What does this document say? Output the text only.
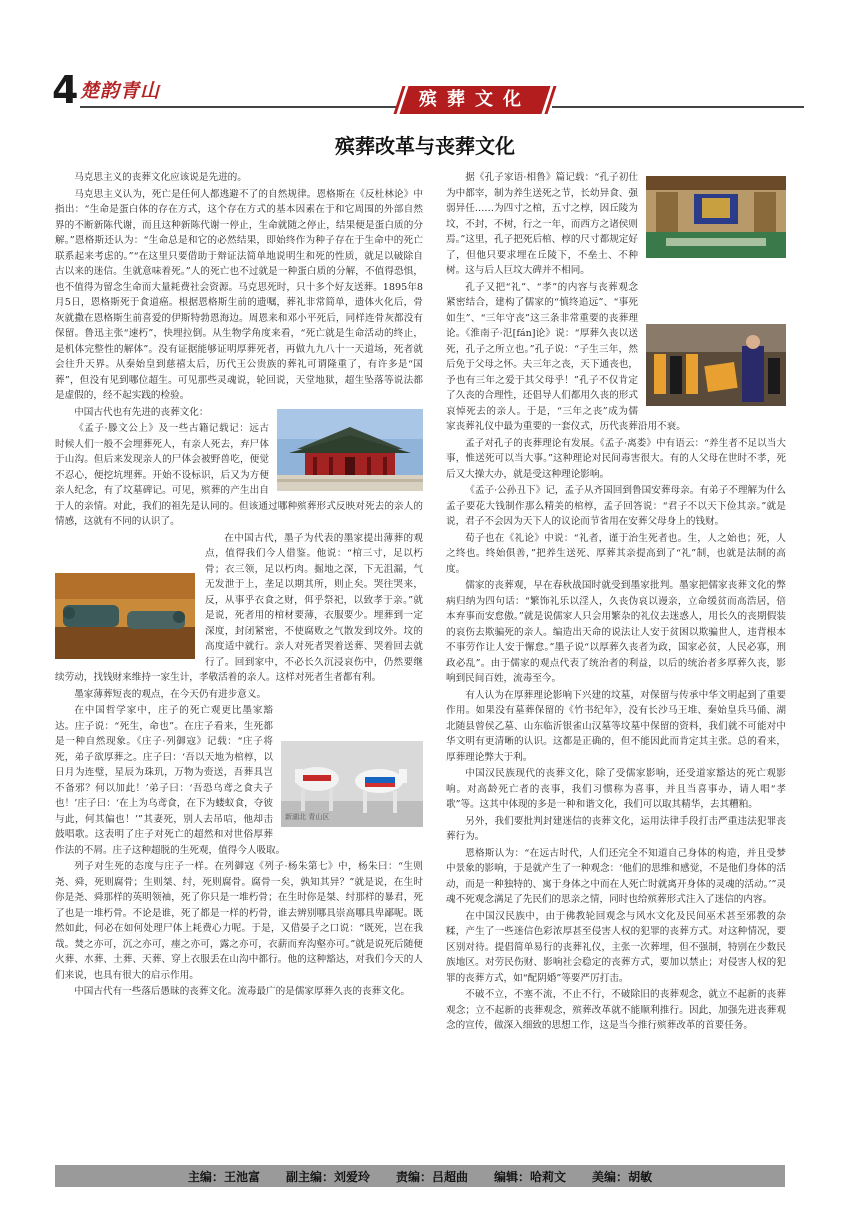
4 楚韵青山	殡葬文化
殡葬改革与丧葬文化

马克思主义的丧葬文化应该说是先进的。

马克思主义认为，死亡是任何人都逃避不了的自然规律。恩格斯在《反杜林论》中指出：“生命是蛋白体的存在方式，这个存在方式的基本因素在于和它周围的外部自然界的不断新陈代谢，而且这种新陈代谢一停止，生命就随之停止，结果便是蛋白质的分解。”恩格斯还认为：“生命总是和它的必然结果，即始终作为种子存在于生命中的死亡联系起来考虑的。”“在这里只要借助于辩证法简单地说明生和死的性质，就足以破除自古以来的迷信。生就意味着死。”人的死亡也不过就是一种蛋白质的分解，不值得恐惧，也不值得为留念生命而大量耗费社会资源。马克思死时，只十多个好友送葬。1895年8月5日，恩格斯死于食道癌。根据恩格斯生前的遗嘱，葬礼非常简单，遗体火化后，骨灰就撒在恩格斯生前喜爱的伊斯特勃恩海边。周恩来和邓小平死后，同样连骨灰都没有保留。鲁迅主张“速朽”，快埋拉倒。从生物学角度来看，“死亡就是生命活动的终止，是机体完整性的解体”。没有证据能够证明厚葬死者，再做九九八十一天道场，死者就会往升天界。从秦始皇到慈禧太后，历代王公贵族的葬礼可谓隆重了，有许多是“国葬”，但没有见到哪位超生。可见那些灵魂说，轮回说，天堂地狱，超生坠落等说法都是虚假的，经不起实践的检验。

中国古代也有先进的丧葬文化：

《孟子·滕文公上》及一些古籍记载记：远古时候人们一般不会埋葬死人，有亲人死去，弃尸体于山沟。但后来发现亲人的尸体会被野兽吃，便觉不忍心，便挖坑埋葬。开始不设标识，后又为方便亲人纪念，有了坟墓碑记。可见，殡葬的产生出自于人的亲情。对此，我们的祖先是认同的。但该通过哪种殡葬形式反映对死去的亲人的情感，这就有不同的认识了。

在中国古代，墨子为代表的墨家提出薄葬的观点，值得我们今人借鉴。他说：“棺三寸，足以朽骨；衣三领，足以朽肉。掘地之深，下无沮漏，气无发泄于上，垄足以期其所，则止矣。哭往哭来，反，从事乎衣食之财，佴乎祭祀，以致孝于亲。”就是说，死者用的棺材要薄，衣服要少。埋葬到一定深度，封闭紧密，不使腐败之气散发到坟外。坟的高度适中就行。亲人对死者哭着送葬、哭着回去就行了。回到家中，不必长久沉浸哀伤中，仍然要继续劳动，找钱财来维持一家生计，孝敬活着的亲人。这样对死者生者都有利。

墨家薄葬短丧的观点，在今天仍有进步意义。

新湖北 青山区

在中国哲学家中，庄子的死亡观更比墨家豁达。庄子说：“死生，命也”。在庄子看来，生死都是一种自然现象。《庄子·列御寇》记载：“庄子将死，弟子欲厚葬之。庄子曰：‘吾以天地为棺椁，以日月为连璧，星辰为珠玑，万物为赍送，吾葬具岂不备邪？何以加此！’弟子曰：‘吾恐乌鸢之食夫子也！’庄子曰：‘在上为乌鸢食，在下为蝼蚁食，夺彼与此，何其偏也！’”其妻死，别人去吊唁，他却击鼓唱歌。这表明了庄子对死亡的超然和对世俗厚葬作法的不屑。庄子这种超脱的生死观，值得今人吸取。

列子对生死的态度与庄子一样。在列御寇《列子·杨朱第七》中，杨朱曰：“生则尧、舜，死则腐骨；生则桀、纣，死则腐骨。腐骨一矣，孰知其异？”就是说，在生时你是尧、舜那样的英明领袖，死了你只是一堆朽骨；在生时你是桀、纣那样的暴君，死了也是一堆朽骨。不论是谁，死了都是一样的朽骨，谁去辨别哪具崇高哪具卑鄙呢。既然如此，何必在如何处理尸体上耗费心力呢。于是，又借晏子之口说：“既死，岂在我哉。焚之亦可，沉之亦可，瘗之亦可，露之亦可，衣薪而弃沟壑亦可。”就是说死后随便火葬、水葬、土葬、天葬、穿上衣服丢在山沟中都行。他的这种豁达，对我们今天的人们来说，也具有很大的启示作用。

中国古代有一些落后愚昧的丧葬文化。流毒最广的是儒家厚葬久丧的丧葬文化。

据《孔子家语·相鲁》篇记载：“孔子初仕为中都宰，制为养生送死之节，长幼异食、强弱异任……为四寸之棺，五寸之椁，因丘陵为坟，不封，不树，行之一年，而西方之诸侯则焉。”这里，孔子把死后棺、椁的尺寸都规定好了，但他只要求埋在丘陵下，不垒土、不种树。这与后人巨坟大碑并不相同。

孔子又把“礼”、“孝”的内容与丧葬观念紧密结合，建构了儒家的“慎终追远”、“事死如生”、“三年守丧”这三条非常重要的丧葬理论。《淮南子·氾[fán]论》说：“厚葬久丧以送死，孔子之所立也。”孔子说：“子生三年，然后免于父母之怀。夫三年之丧，天下通丧也，予也有三年之爱于其父母乎！”孔子不仅肯定了久丧的合理性，还倡导人们都用久丧的形式哀悼死去的亲人。于是，“三年之丧”成为儒家丧葬礼仪中最为重要的一套仪式，历代丧葬沿用不衰。

孟子对孔子的丧葬理论有发展。《孟子·离娄》中有语云：“养生者不足以当大事，惟送死可以当大事。”这种理论对民间毒害很大。有的人父母在世时不孝，死后又大操大办，就是受这种理论影响。

《孟子·公孙丑下》记，孟子从齐国回到鲁国安葬母亲。有弟子不理解为什么孟子要花大钱制作那么精美的棺椁，孟子回答说：“君子不以天下俭其亲。”就是说，君子不会因为天下人的议论而节省用在安葬父母身上的钱财。

荀子也在《礼论》中说：“礼者，谨于治生死者也。生，人之始也；死，人之终也。终始俱善，”把养生送死、厚葬其亲提高到了“礼”制，也就是法制的高度。

儒家的丧葬观，早在春秋战国时就受到墨家批判。墨家把儒家丧葬文化的弊病归纳为四句话：“繁饰礼乐以淫人，久丧伪哀以谩亲，立命缓贫而高浩居，倍本弃事而安怠傲。”就是说儒家人只会用繁杂的礼仪去迷惑人，用长久的丧期假装的哀伤去欺骗死的亲人。编造出天命的说法让人安于贫困以欺骗世人，违背根本不事劳作让人安于懈怠。”墨子说“以厚葬久丧者为政，国家必贫，人民必寡，刑政必乱”。由于儒家的观点代表了统治者的利益，以后的统治者多厚葬久丧，影响到民间百姓，流毒至今。

有人认为在厚葬理论影响下兴建的坟墓，对保留与传承中华文明起到了重要作用。如果没有墓葬保留的《竹书纪年》，没有长沙马王堆、秦始皇兵马俑、湖北随县曾侯乙墓、山东临沂银雀山汉墓等坟墓中保留的资料，我们就不可能对中华文明有更清晰的认识。这都是正确的，但不能因此而肯定其主张。总的看来，厚葬理论弊大于利。

中国汉民族现代的丧葬文化，除了受儒家影响，还受道家豁达的死亡观影响。对高龄死亡者的丧事，我们习惯称为喜事，并且当喜事办，请人唱“孝歌”等。这其中体现的多是一种和谐文化，我们可以取其精华，去其糟粕。

另外，我们要批判封建迷信的丧葬文化，运用法律手段打击严重违法犯罪丧葬行为。

恩格斯认为：“在远古时代，人们还完全不知道自己身体的构造，并且受梦中景象的影响，于是就产生了一种观念：‘他们的思维和感觉，不是他们身体的活动，而是一种独特的、寓于身体之中而在人死亡时就离开身体的灵魂的活动。’”灵魂不死观念满足了先民们的思亲之情，同时也给殡葬形式注入了迷信的内容。

在中国汉民族中，由于佛教轮回观念与风水文化及民间巫术甚至邪教的杂糅，产生了一些迷信色彩浓厚甚至侵害人权的犯罪的丧葬方式。对这种情况，要区别对待。提倡简单易行的丧葬礼仪，主张一次葬埋，但不强制，特别在少数民族地区。对劳民伤财、影响社会稳定的丧葬方式，要加以禁止；对侵害人权的犯罪的丧葬方式，如“配阴婚”等要严厉打击。

不破不立，不塞不流，不止不行，不破除旧的丧葬观念，就立不起新的丧葬观念；立不起新的丧葬观念，殡葬改革就不能顺利推行。因此，加强先进丧葬观念的宣传，做深入细致的思想工作，这是当今推行殡葬改革的首要任务。

主编：王池富 副主编：刘爱玲 责编：吕超曲 编辑：哈莉文 美编：胡敏
